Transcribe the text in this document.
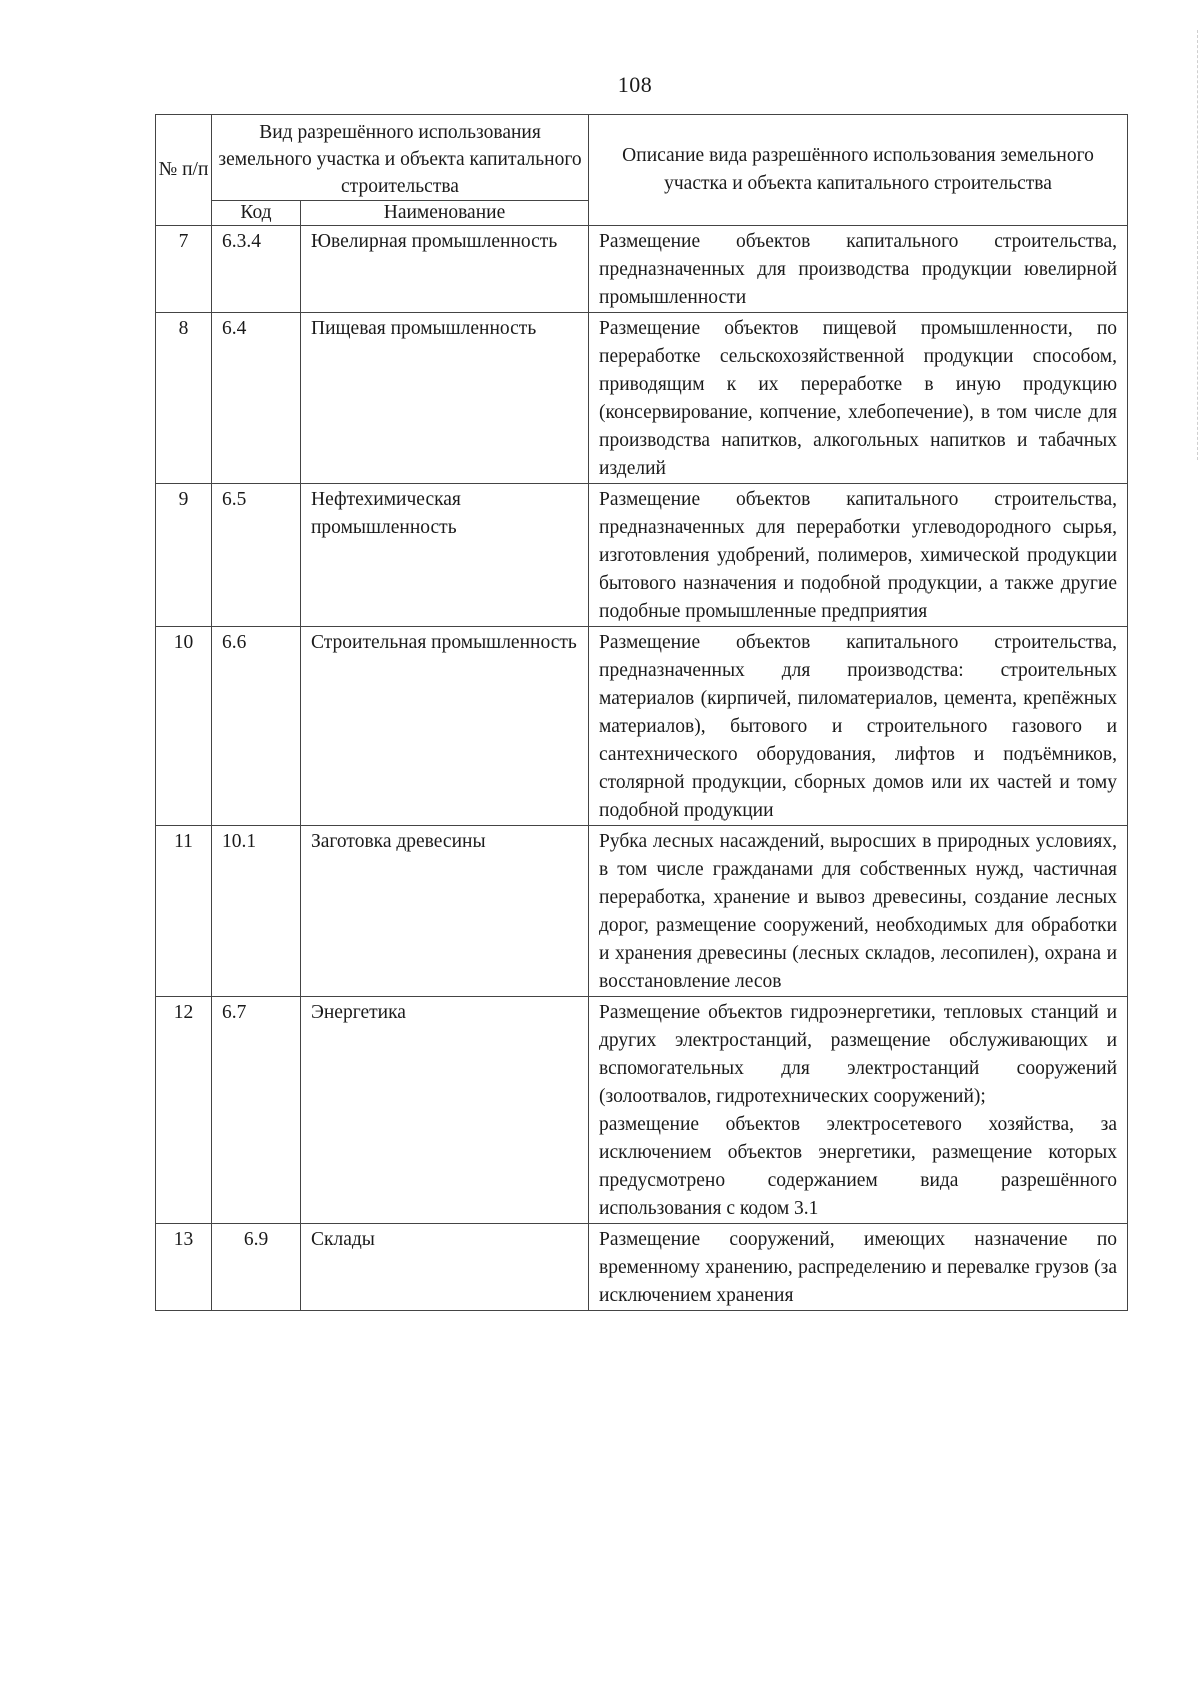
108
№ п/п	Вид разрешённого использования земельного участка и объекта капитального строительства		Описание вида разрешённого использования земельного участка и объекта капитального строительства
	Код	Наименование	
7	6.3.4	Ювелирная промышленность	Размещение объектов капитального строительства, предназначенных для производства продукции ювелирной промышленности

8	6.4	Пищевая промышленность	Размещение объектов пищевой промышленности, по переработке сельскохозяйственной продукции способом, приводящим к их переработке в иную продукцию (консервирование, копчение, хлебопечение), в том числе для производства напитков, алкогольных напитков и табачных изделий

9	6.5	Нефтехимическая промышленность	Размещение объектов капитального строительства, предназначенных для переработки углеводородного сырья, изготовления удобрений, полимеров, химической продукции бытового назначения и подобной продукции, а также другие подобные промышленные предприятия

10	6.6	Строительная промышленность	Размещение объектов капитального строительства, предназначенных для производства: строительных материалов (кирпичей, пиломатериалов, цемента, крепёжных материалов), бытового и строительного газового и сантехнического оборудования, лифтов и подъёмников, столярной продукции, сборных домов или их частей и тому подобной продукции

11	10.1	Заготовка древесины	Рубка лесных насаждений, выросших в природных условиях, в том числе гражданами для собственных нужд, частичная переработка, хранение и вывоз древесины, создание лесных дорог, размещение сооружений, необходимых для обработки и хранения древесины (лесных складов, лесопилен), охрана и восстановление лесов

12	6.7	Энергетика	Размещение объектов гидроэнергетики, тепловых станций и других электростанций, размещение обслуживающих и вспомогательных для электростанций сооружений (золоотвалов, гидротехнических сооружений);
размещение объектов электросетевого хозяйства, за исключением объектов энергетики, размещение которых предусмотрено содержанием вида разрешённого использования с кодом 3.1

13	6.9	Склады	Размещение сооружений, имеющих назначение по временному хранению, распределению и перевалке грузов (за исключением хранения
